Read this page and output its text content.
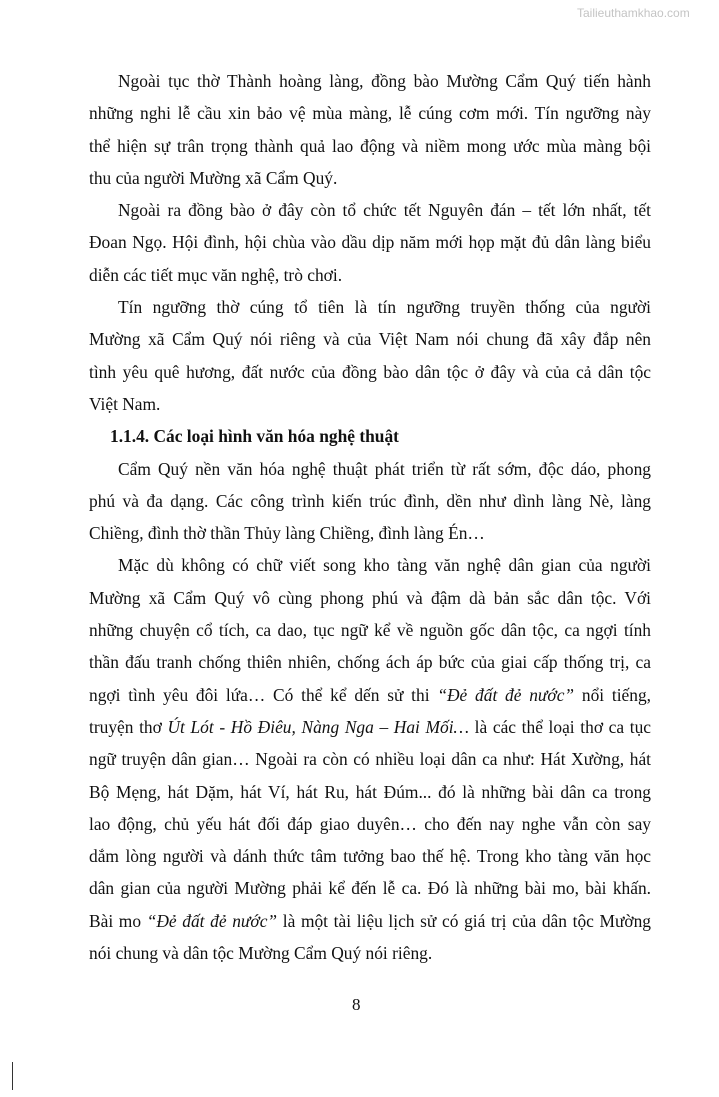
Tailieuthamkhao.com
Ngoài tục thờ Thành hoàng làng, đồng bào Mường Cẩm Quý tiến hành
những nghi lễ cầu xin bảo vệ mùa màng, lễ cúng cơm mới. Tín ngưỡng này
thể hiện sự trân trọng thành quả lao động và niềm mong ước mùa màng bội
thu của người Mường xã Cẩm Quý.
Ngoài ra đồng bào ở đây còn tổ chức tết Nguyên đán – tết lớn nhất, tết
Đoan Ngọ. Hội đình, hội chùa vào dầu dịp năm mới họp mặt đủ dân làng biểu
diễn các tiết mục văn nghệ, trò chơi.
Tín ngưỡng thờ cúng tổ tiên là tín ngưỡng truyền thống của người
Mường xã Cẩm Quý nói riêng và của Việt Nam nói chung đã xây đắp nên
tình yêu quê hương, đất nước của đồng bào dân tộc ở đây và của cả dân tộc
Việt Nam.
1.1.4. Các loại hình văn hóa nghệ thuật
Cẩm Quý nền văn hóa nghệ thuật phát triển từ rất sớm, độc dáo, phong
phú và đa dạng. Các công trình kiến trúc đình, dền như dình làng Nè, làng
Chiềng, đình thờ thần Thủy làng Chiềng, đình làng Én…
Mặc dù không có chữ viết song kho tàng văn nghệ dân gian của người
Mường xã Cẩm Quý vô cùng phong phú và đậm dà bản sắc dân tộc. Với
những chuyện cổ tích, ca dao, tục ngữ kể về nguồn gốc dân tộc, ca ngợi tính
thần đấu tranh chống thiên nhiên, chống ách áp bức của giai cấp thống trị, ca
ngợi tình yêu đôi lứa… Có thể kể dến sử thi “Đẻ đất đẻ nước” nổi tiếng,
truyện thơ Út Lót - Hồ Điêu, Nàng Nga – Hai Mối… là các thể loại thơ ca tục
ngữ truyện dân gian… Ngoài ra còn có nhiều loại dân ca như: Hát Xường, hát
Bộ Mẹng, hát Dặm, hát Ví, hát Ru, hát Đúm... đó là những bài dân ca trong
lao động, chủ yếu hát đối đáp giao duyên… cho đến nay nghe vẫn còn say
dắm lòng người và dánh thức tâm tưởng bao thế hệ. Trong kho tàng văn học
dân gian của người Mường phải kể đến lễ ca. Đó là những bài mo, bài khấn.
Bài mo “Đẻ đất đẻ nước” là một tài liệu lịch sử có giá trị của dân tộc Mường
nói chung và dân tộc Mường Cẩm Quý nói riêng.
8
